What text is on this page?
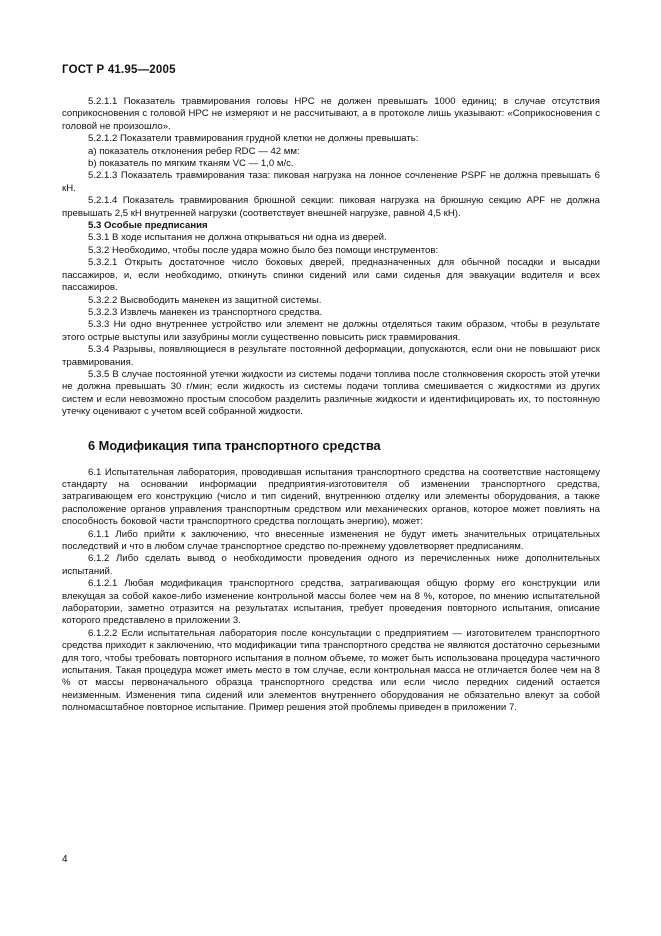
ГОСТ Р 41.95—2005

5.2.1.1 Показатель травмирования головы HPC не должен превышать 1000 единиц; в случае отсутствия соприкосновения с головой HPC не измеряют и не рассчитывают, а в протоколе лишь указывают: «Соприкосновения с головой не произошло».

5.2.1.2 Показатели травмирования грудной клетки не должны превышать:

а) показатель отклонения ребер RDC — 42 мм:

b) показатель по мягким тканям VC — 1,0 м/с.

5.2.1.3 Показатель травмирования таза: пиковая нагрузка на лонное сочленение PSPF не должна превышать 6 кН.

5.2.1.4 Показатель травмирования брюшной секции: пиковая нагрузка на брюшную секцию APF не должна превышать 2,5 кН внутренней нагрузки (соответствует внешней нагрузке, равной 4,5 кН).

5.3 Особые предписания

5.3.1 В ходе испытания не должна открываться ни одна из дверей.

5.3.2 Необходимо, чтобы после удара можно было без помощи инструментов:

5.3.2.1 Открыть достаточное число боковых дверей, предназначенных для обычной посадки и высадки пассажиров, и, если необходимо, откинуть спинки сидений или сами сиденья для эвакуации водителя и всех пассажиров.

5.3.2.2 Высвободить манекен из защитной системы.

5.3.2.3 Извлечь манекен из транспортного средства.

5.3.3 Ни одно внутреннее устройство или элемент не должны отделяться таким образом, чтобы в результате этого острые выступы или зазубрины могли существенно повысить риск травмирования.

5.3.4 Разрывы, появляющиеся в результате постоянной деформации, допускаются, если они не повышают риск травмирования.

5.3.5 В случае постоянной утечки жидкости из системы подачи топлива после столкновения скорость этой утечки не должна превышать 30 г/мин; если жидкость из системы подачи топлива смешивается с жидкостями из других систем и если невозможно простым способом разделить различные жидкости и идентифицировать их, то постоянную утечку оценивают с учетом всей собранной жидкости.

6 Модификация типа транспортного средства

6.1 Испытательная лаборатория, проводившая испытания транспортного средства на соответствие настоящему стандарту на основании информации предприятия-изготовителя об изменении транспортного средства, затрагивающем его конструкцию (число и тип сидений, внутреннюю отделку или элементы оборудования, а также расположение органов управления транспортным средством или механических органов, которое может повлиять на способность боковой части транспортного средства поглощать энергию), может:

6.1.1 Либо прийти к заключению, что внесенные изменения не будут иметь значительных отрицательных последствий и что в любом случае транспортное средство по-прежнему удовлетворяет предписаниям.

6.1.2 Либо сделать вывод о необходимости проведения одного из перечисленных ниже дополнительных испытаний.

6.1.2.1 Любая модификация транспортного средства, затрагивающая общую форму его конструкции или влекущая за собой какое-либо изменение контрольной массы более чем на 8 %, которое, по мнению испытательной лаборатории, заметно отразится на результатах испытания, требует проведения повторного испытания, описание которого представлено в приложении 3.

6.1.2.2 Если испытательная лаборатория после консультации с предприятием — изготовителем транспортного средства приходит к заключению, что модификации типа транспортного средства не являются достаточно серьезными для того, чтобы требовать повторного испытания в полном объеме, то может быть использована процедура частичного испытания. Такая процедура может иметь место в том случае, если контрольная масса не отличается более чем на 8 % от массы первоначального образца транспортного средства или если число передних сидений остается неизменным. Изменения типа сидений или элементов внутреннего оборудования не обязательно влекут за собой полномасштабное повторное испытание. Пример решения этой проблемы приведен в приложении 7.

4
